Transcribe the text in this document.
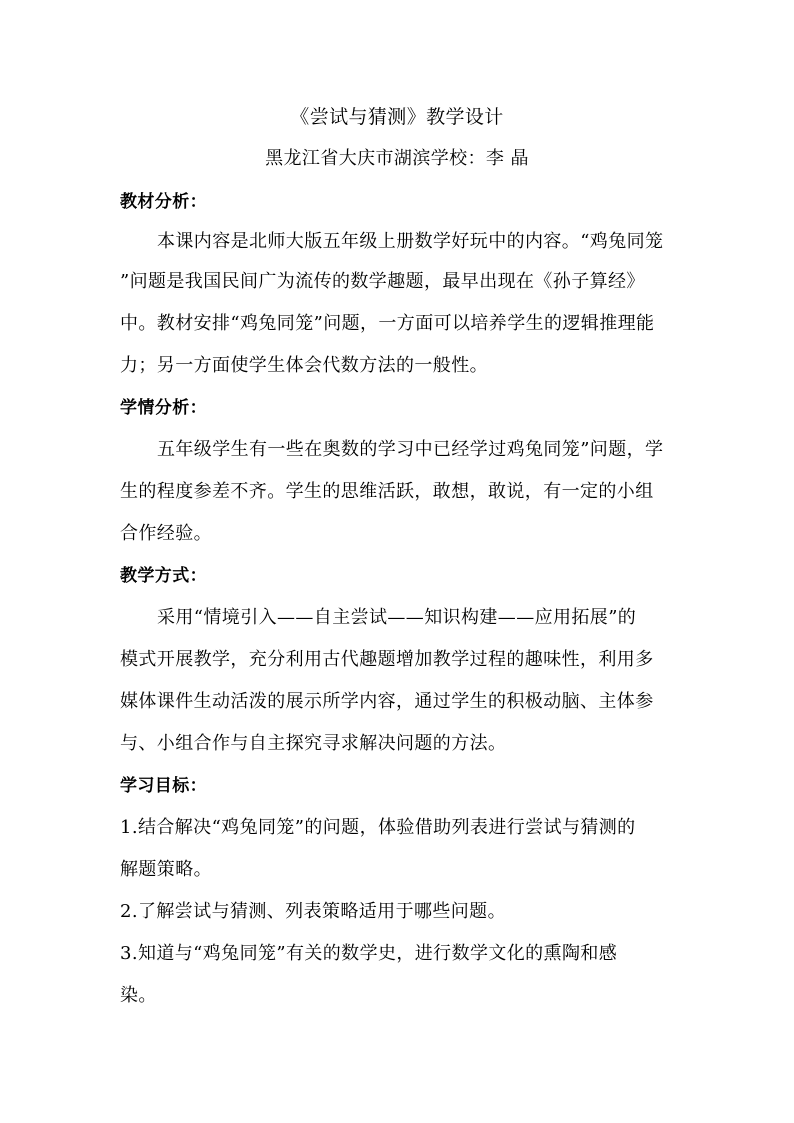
《尝试与猜测》教学设计
黑龙江省大庆市湖滨学校：李 晶
教材分析：
本课内容是北师大版五年级上册数学好玩中的内容。“鸡兔同笼
”问题是我国民间广为流传的数学趣题，最早出现在《孙子算经》
中。教材安排“鸡兔同笼”问题，一方面可以培养学生的逻辑推理能
力；另一方面使学生体会代数方法的一般性。
学情分析：
五年级学生有一些在奥数的学习中已经学过鸡兔同笼”问题，学
生的程度参差不齐。学生的思维活跃，敢想，敢说，有一定的小组
合作经验。
教学方式：
采用“情境引入——自主尝试——知识构建——应用拓展”的
模式开展教学，充分利用古代趣题增加教学过程的趣味性，利用多
媒体课件生动活泼的展示所学内容，通过学生的积极动脑、主体参
与、小组合作与自主探究寻求解决问题的方法。
学习目标：
1.结合解决“鸡兔同笼”的问题，体验借助列表进行尝试与猜测的
解题策略。
2.了解尝试与猜测、列表策略适用于哪些问题。
3.知道与“鸡兔同笼”有关的数学史，进行数学文化的熏陶和感
染。
